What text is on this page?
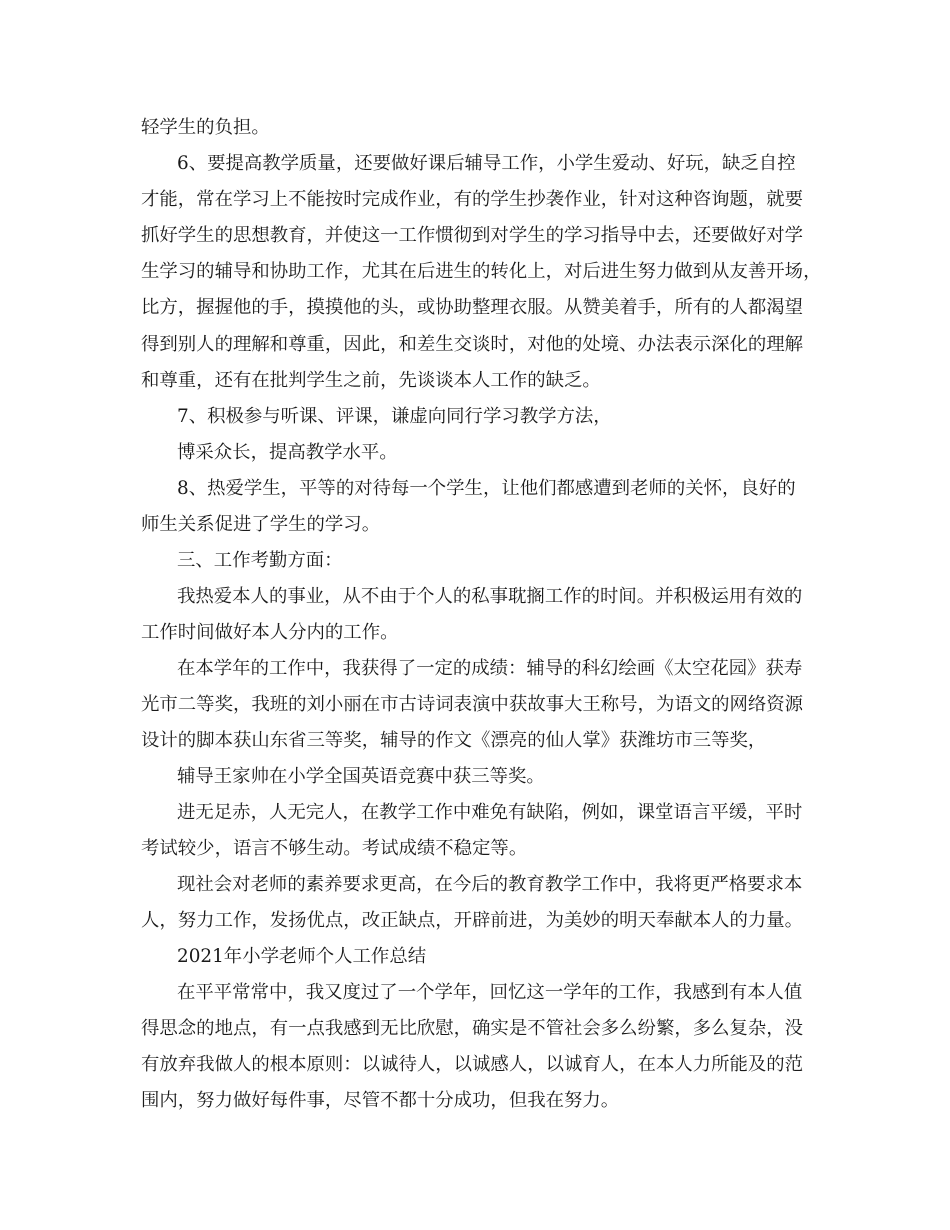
轻学生的负担。
6、要提高教学质量，还要做好课后辅导工作，小学生爱动、好玩，缺乏自控
才能，常在学习上不能按时完成作业，有的学生抄袭作业，针对这种咨询题，就要
抓好学生的思想教育，并使这一工作惯彻到对学生的学习指导中去，还要做好对学
生学习的辅导和协助工作，尤其在后进生的转化上，对后进生努力做到从友善开场，
比方，握握他的手，摸摸他的头，或协助整理衣服。从赞美着手，所有的人都渴望
得到别人的理解和尊重，因此，和差生交谈时，对他的处境、办法表示深化的理解
和尊重，还有在批判学生之前，先谈谈本人工作的缺乏。
7、积极参与听课、评课，谦虚向同行学习教学方法，
博采众长，提高教学水平。
8、热爱学生，平等的对待每一个学生，让他们都感遭到老师的关怀，良好的
师生关系促进了学生的学习。
三、工作考勤方面：
我热爱本人的事业，从不由于个人的私事耽搁工作的时间。并积极运用有效的
工作时间做好本人分内的工作。
在本学年的工作中，我获得了一定的成绩：辅导的科幻绘画《太空花园》获寿
光市二等奖，我班的刘小丽在市古诗词表演中获故事大王称号，为语文的网络资源
设计的脚本获山东省三等奖，辅导的作文《漂亮的仙人掌》获潍坊市三等奖，
辅导王家帅在小学全国英语竞赛中获三等奖。
进无足赤，人无完人，在教学工作中难免有缺陷，例如，课堂语言平缓，平时
考试较少，语言不够生动。考试成绩不稳定等。
现社会对老师的素养要求更高，在今后的教育教学工作中，我将更严格要求本
人，努力工作，发扬优点，改正缺点，开辟前进，为美妙的明天奉献本人的力量。
2021年小学老师个人工作总结
在平平常常中，我又度过了一个学年，回忆这一学年的工作，我感到有本人值
得思念的地点，有一点我感到无比欣慰，确实是不管社会多么纷繁，多么复杂，没
有放弃我做人的根本原则：以诚待人，以诚感人，以诚育人，在本人力所能及的范
围内，努力做好每件事，尽管不都十分成功，但我在努力。
